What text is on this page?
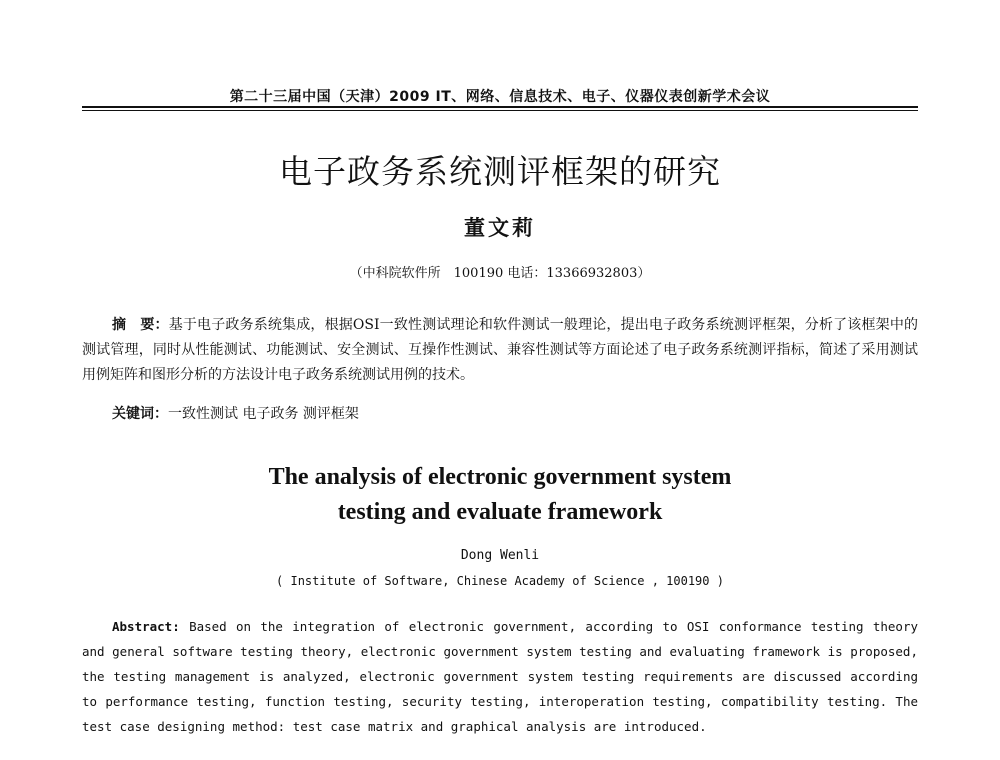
第二十三届中国（天津）2009 IT、网络、信息技术、电子、仪器仪表创新学术会议
电子政务系统测评框架的研究
董文莉
（中科院软件所　100190 电话：13366932803）
摘　要：基于电子政务系统集成，根据OSI一致性测试理论和软件测试一般理论，提出电子政务系统测评框架，分析了该框架中的测试管理，同时从性能测试、功能测试、安全测试、互操作性测试、兼容性测试等方面论述了电子政务系统测评指标，简述了采用测试用例矩阵和图形分析的方法设计电子政务系统测试用例的技术。
关键词：一致性测试 电子政务 测评框架
The analysis of electronic government system
testing and evaluate framework
Dong Wenli
( Institute of Software, Chinese Academy of Science , 100190 )
Abstract: Based on the integration of electronic government, according to OSI conformance testing theory and general software testing theory, electronic government system testing and evaluating framework is proposed, the testing management is analyzed, electronic government system testing requirements are discussed according to performance testing, function testing, security testing, interoperation testing, compatibility testing. The test case designing method: test case matrix and graphical analysis are introduced.
